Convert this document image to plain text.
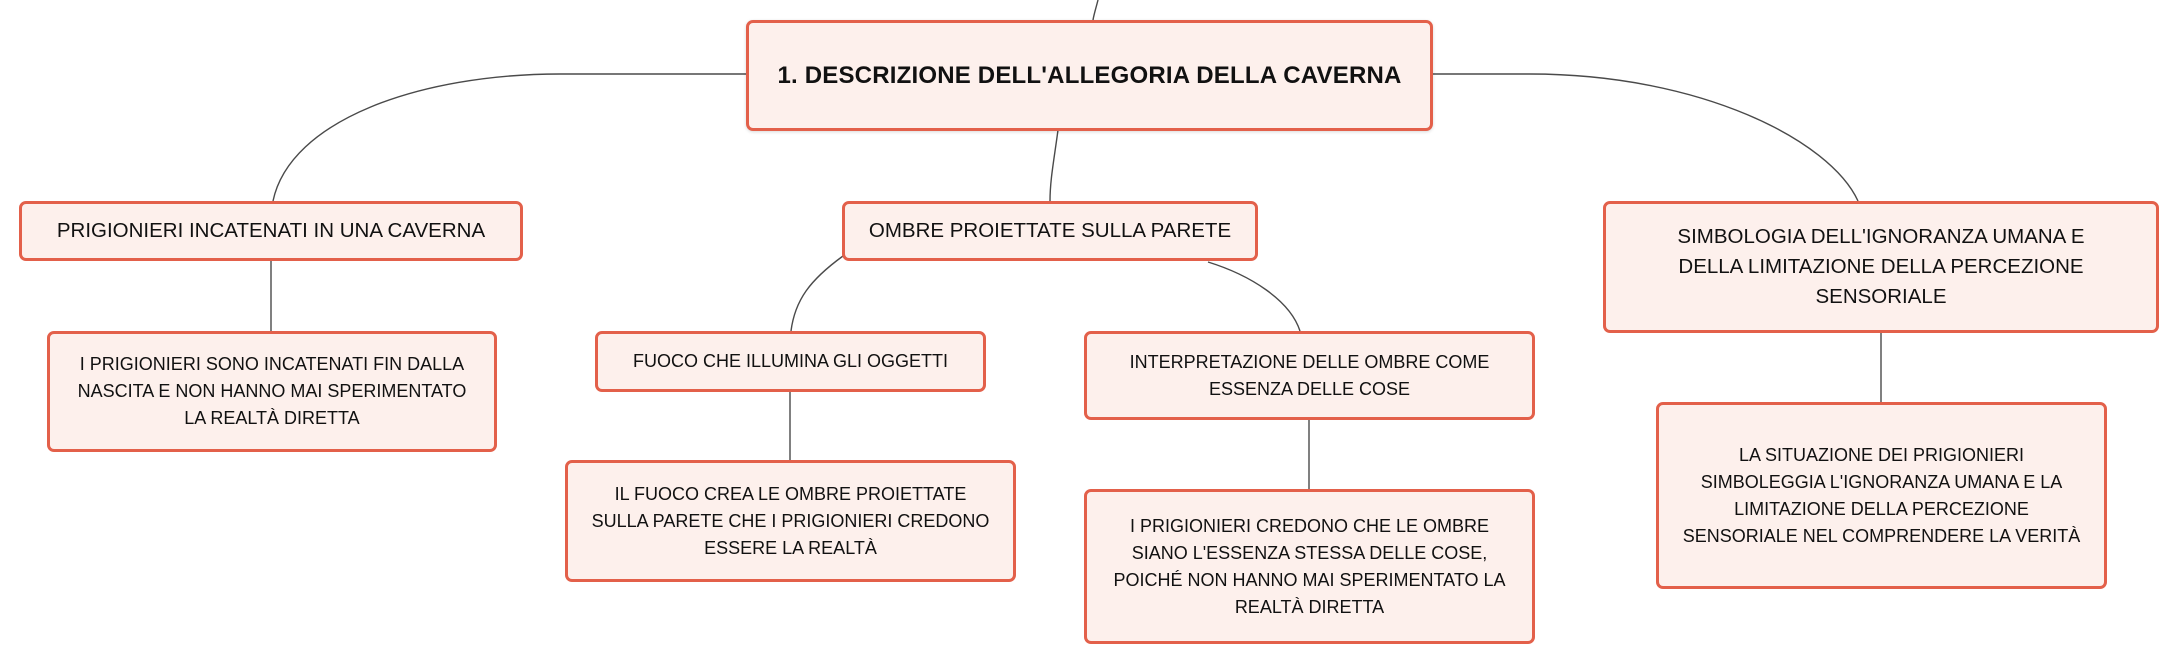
1. DESCRIZIONE DELL'ALLEGORIA DELLA CAVERNA
PRIGIONIERI INCATENATI IN UNA CAVERNA	OMBRE PROIETTATE SULLA PARETE	SIMBOLOGIA DELL'IGNORANZA UMANA E DELLA LIMITAZIONE DELLA PERCEZIONE SENSORIALE
I PRIGIONIERI SONO INCATENATI FIN DALLA NASCITA E NON HANNO MAI SPERIMENTATO LA REALTÀ DIRETTA
FUOCO CHE ILLUMINA GLI OGGETTI	INTERPRETAZIONE DELLE OMBRE COME ESSENZA DELLE COSE
IL FUOCO CREA LE OMBRE PROIETTATE SULLA PARETE CHE I PRIGIONIERI CREDONO ESSERE LA REALTÀ
I PRIGIONIERI CREDONO CHE LE OMBRE SIANO L'ESSENZA STESSA DELLE COSE, POICHÉ NON HANNO MAI SPERIMENTATO LA REALTÀ DIRETTA
LA SITUAZIONE DEI PRIGIONIERI SIMBOLEGGIA L'IGNORANZA UMANA E LA LIMITAZIONE DELLA PERCEZIONE SENSORIALE NEL COMPRENDERE LA VERITÀ
